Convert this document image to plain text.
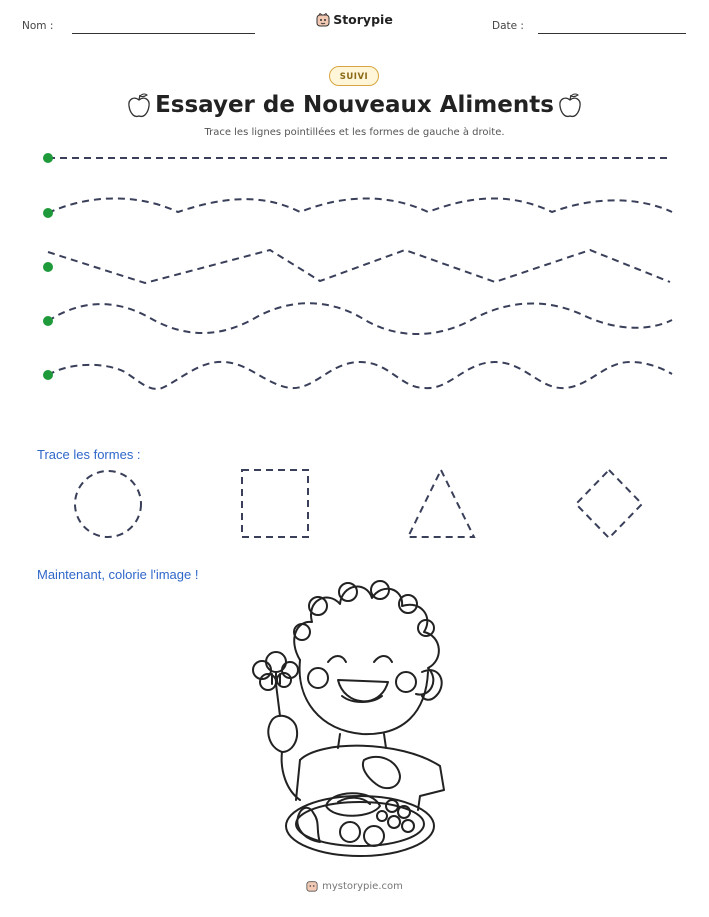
Nom :	Storypie	Date :
SUIVI
Essayer de Nouveaux Aliments
Trace les lignes pointillées et les formes de gauche à droite.
Trace les formes :
Maintenant, colorie l'image !
mystorypie.com
